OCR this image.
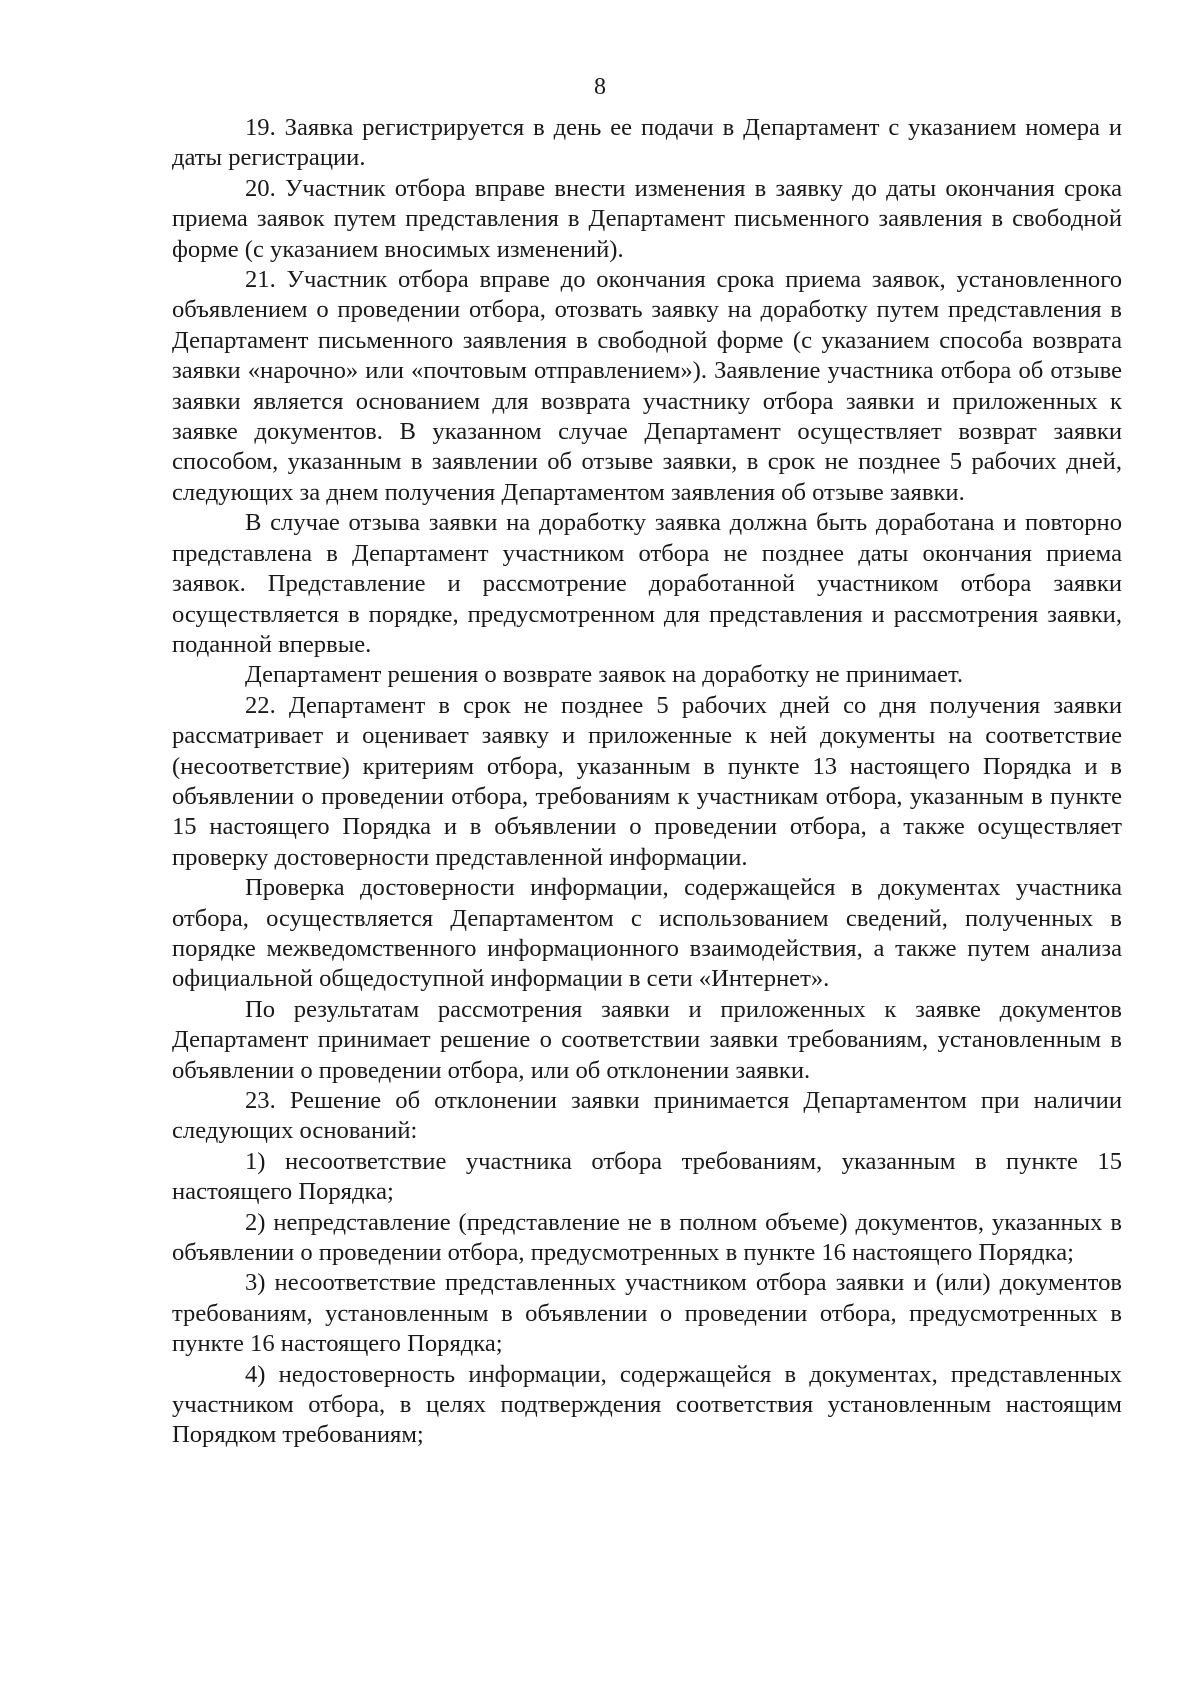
8

19. Заявка регистрируется в день ее подачи в Департамент с указанием номера и даты регистрации.

20. Участник отбора вправе внести изменения в заявку до даты окончания срока приема заявок путем представления в Департамент письменного заявления в свободной форме (с указанием вносимых изменений).

21. Участник отбора вправе до окончания срока приема заявок, установленного объявлением о проведении отбора, отозвать заявку на доработку путем представления в Департамент письменного заявления в свободной форме (с указанием способа возврата заявки «нарочно» или «почтовым отправлением»). Заявление участника отбора об отзыве заявки является основанием для возврата участнику отбора заявки и приложенных к заявке документов. В указанном случае Департамент осуществляет возврат заявки способом, указанным в заявлении об отзыве заявки, в срок не позднее 5 рабочих дней, следующих за днем получения Департаментом заявления об отзыве заявки.

В случае отзыва заявки на доработку заявка должна быть доработана и повторно представлена в Департамент участником отбора не позднее даты окончания приема заявок. Представление и рассмотрение доработанной участником отбора заявки осуществляется в порядке, предусмотренном для представления и рассмотрения заявки, поданной впервые.

Департамент решения о возврате заявок на доработку не принимает.

22. Департамент в срок не позднее 5 рабочих дней со дня получения заявки рассматривает и оценивает заявку и приложенные к ней документы на соответствие (несоответствие) критериям отбора, указанным в пункте 13 настоящего Порядка и в объявлении о проведении отбора, требованиям к участникам отбора, указанным в пункте 15 настоящего Порядка и в объявлении о проведении отбора, а также осуществляет проверку достоверности представленной информации.

Проверка достоверности информации, содержащейся в документах участника отбора, осуществляется Департаментом с использованием сведений, полученных в порядке межведомственного информационного взаимодействия, а также путем анализа официальной общедоступной информации в сети «Интернет».

По результатам рассмотрения заявки и приложенных к заявке документов Департамент принимает решение о соответствии заявки требованиям, установленным в объявлении о проведении отбора, или об отклонении заявки.

23. Решение об отклонении заявки принимается Департаментом при наличии следующих оснований:

1) несоответствие участника отбора требованиям, указанным в пункте 15 настоящего Порядка;

2) непредставление (представление не в полном объеме) документов, указанных в объявлении о проведении отбора, предусмотренных в пункте 16 настоящего Порядка;

3) несоответствие представленных участником отбора заявки и (или) документов требованиям, установленным в объявлении о проведении отбора, предусмотренных в пункте 16 настоящего Порядка;

4) недостоверность информации, содержащейся в документах, представленных участником отбора, в целях подтверждения соответствия установленным настоящим Порядком требованиям;
